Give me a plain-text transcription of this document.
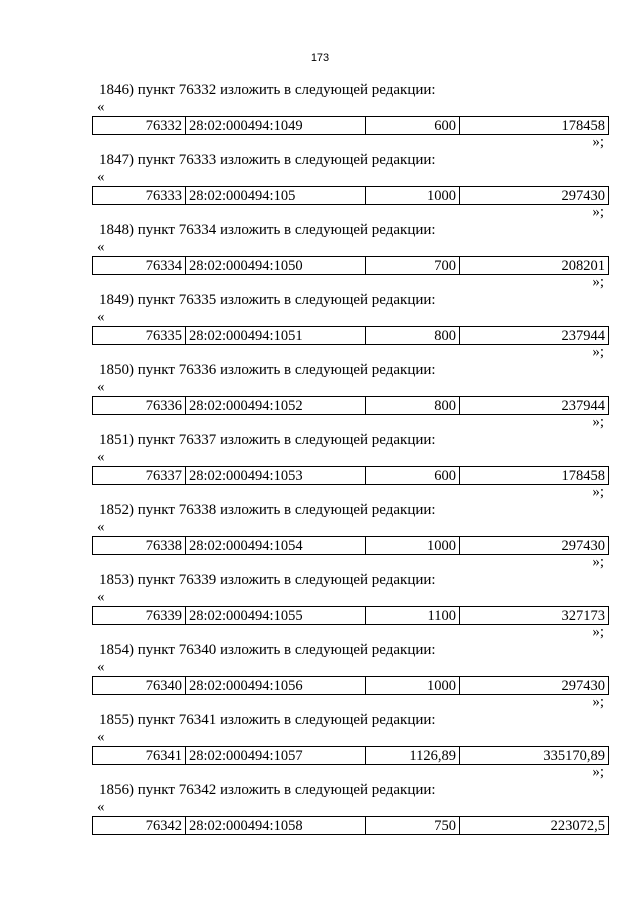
173
1846) пункт 76332 изложить в следующей редакции:
«
76332	28:02:000494:1049	600	178458
»;
1847) пункт 76333 изложить в следующей редакции:
«
76333	28:02:000494:105	1000	297430
»;
1848) пункт 76334 изложить в следующей редакции:
«
76334	28:02:000494:1050	700	208201
»;
1849) пункт 76335 изложить в следующей редакции:
«
76335	28:02:000494:1051	800	237944
»;
1850) пункт 76336 изложить в следующей редакции:
«
76336	28:02:000494:1052	800	237944
»;
1851) пункт 76337 изложить в следующей редакции:
«
76337	28:02:000494:1053	600	178458
»;
1852) пункт 76338 изложить в следующей редакции:
«
76338	28:02:000494:1054	1000	297430
»;
1853) пункт 76339 изложить в следующей редакции:
«
76339	28:02:000494:1055	1100	327173
»;
1854) пункт 76340 изложить в следующей редакции:
«
76340	28:02:000494:1056	1000	297430
»;
1855) пункт 76341 изложить в следующей редакции:
«
76341	28:02:000494:1057	1126,89	335170,89
»;
1856) пункт 76342 изложить в следующей редакции:
«
76342	28:02:000494:1058	750	223072,5
